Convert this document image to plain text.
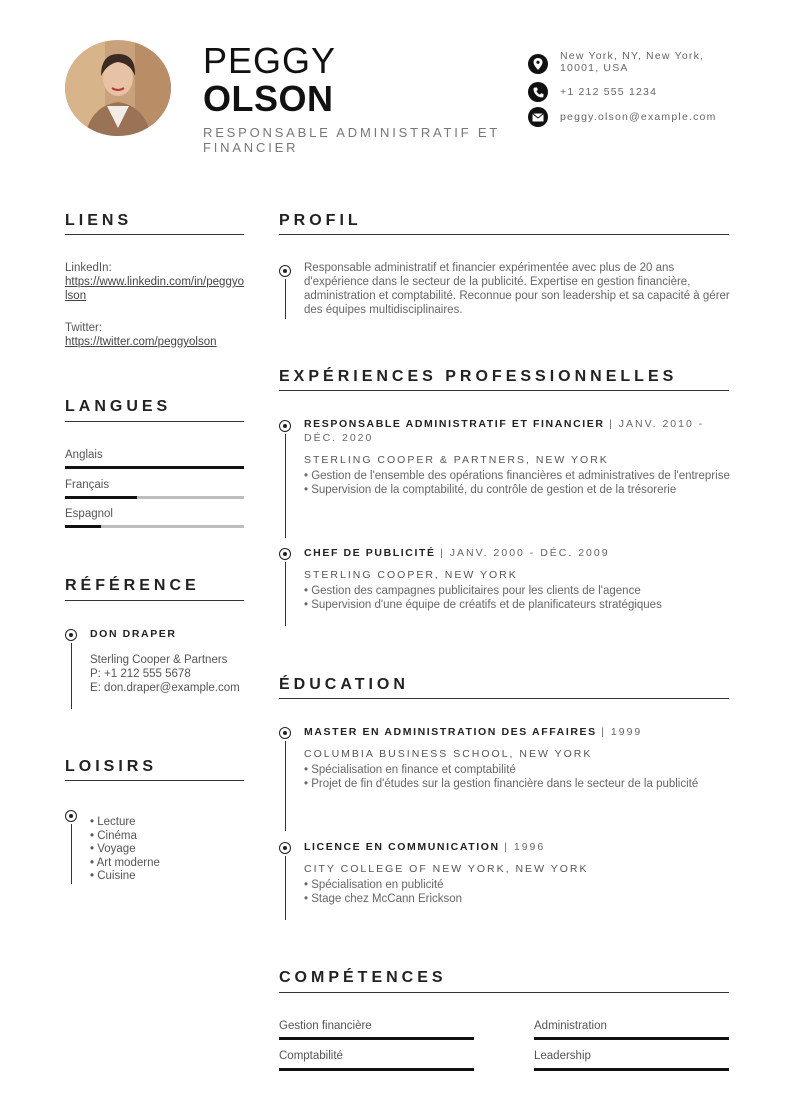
PEGGY
OLSON
RESPONSABLE ADMINISTRATIF ET FINANCIER
New York, NY, New York, 10001, USA
+1 212 555 1234
peggy.olson@example.com
LIENS
LinkedIn:
https://www.linkedin.com/in/peggyolson
Twitter:
https://twitter.com/peggyolson
LANGUES
Anglais
Français
Espagnol
RÉFÉRENCE
DON DRAPER
Sterling Cooper & Partners
P: +1 212 555 5678
E: don.draper@example.com
LOISIRS
• Lecture
• Cinéma
• Voyage
• Art moderne
• Cuisine
PROFIL
Responsable administratif et financier expérimentée avec plus de 20 ans d'expérience dans le secteur de la publicité. Expertise en gestion financière, administration et comptabilité. Reconnue pour son leadership et sa capacité à gérer des équipes multidisciplinaires.
EXPÉRIENCES PROFESSIONNELLES
RESPONSABLE ADMINISTRATIF ET FINANCIER | JANV. 2010 - DÉC. 2020
STERLING COOPER & PARTNERS, NEW YORK
• Gestion de l'ensemble des opérations financières et administratives de l'entreprise
• Supervision de la comptabilité, du contrôle de gestion et de la trésorerie
CHEF DE PUBLICITÉ | JANV. 2000 - DÉC. 2009
STERLING COOPER, NEW YORK
• Gestion des campagnes publicitaires pour les clients de l'agence
• Supervision d'une équipe de créatifs et de planificateurs stratégiques
ÉDUCATION
MASTER EN ADMINISTRATION DES AFFAIRES | 1999
COLUMBIA BUSINESS SCHOOL, NEW YORK
• Spécialisation en finance et comptabilité
• Projet de fin d'études sur la gestion financière dans le secteur de la publicité
LICENCE EN COMMUNICATION | 1996
CITY COLLEGE OF NEW YORK, NEW YORK
• Spécialisation en publicité
• Stage chez McCann Erickson
COMPÉTENCES
Gestion financière	Administration
Comptabilité	Leadership
